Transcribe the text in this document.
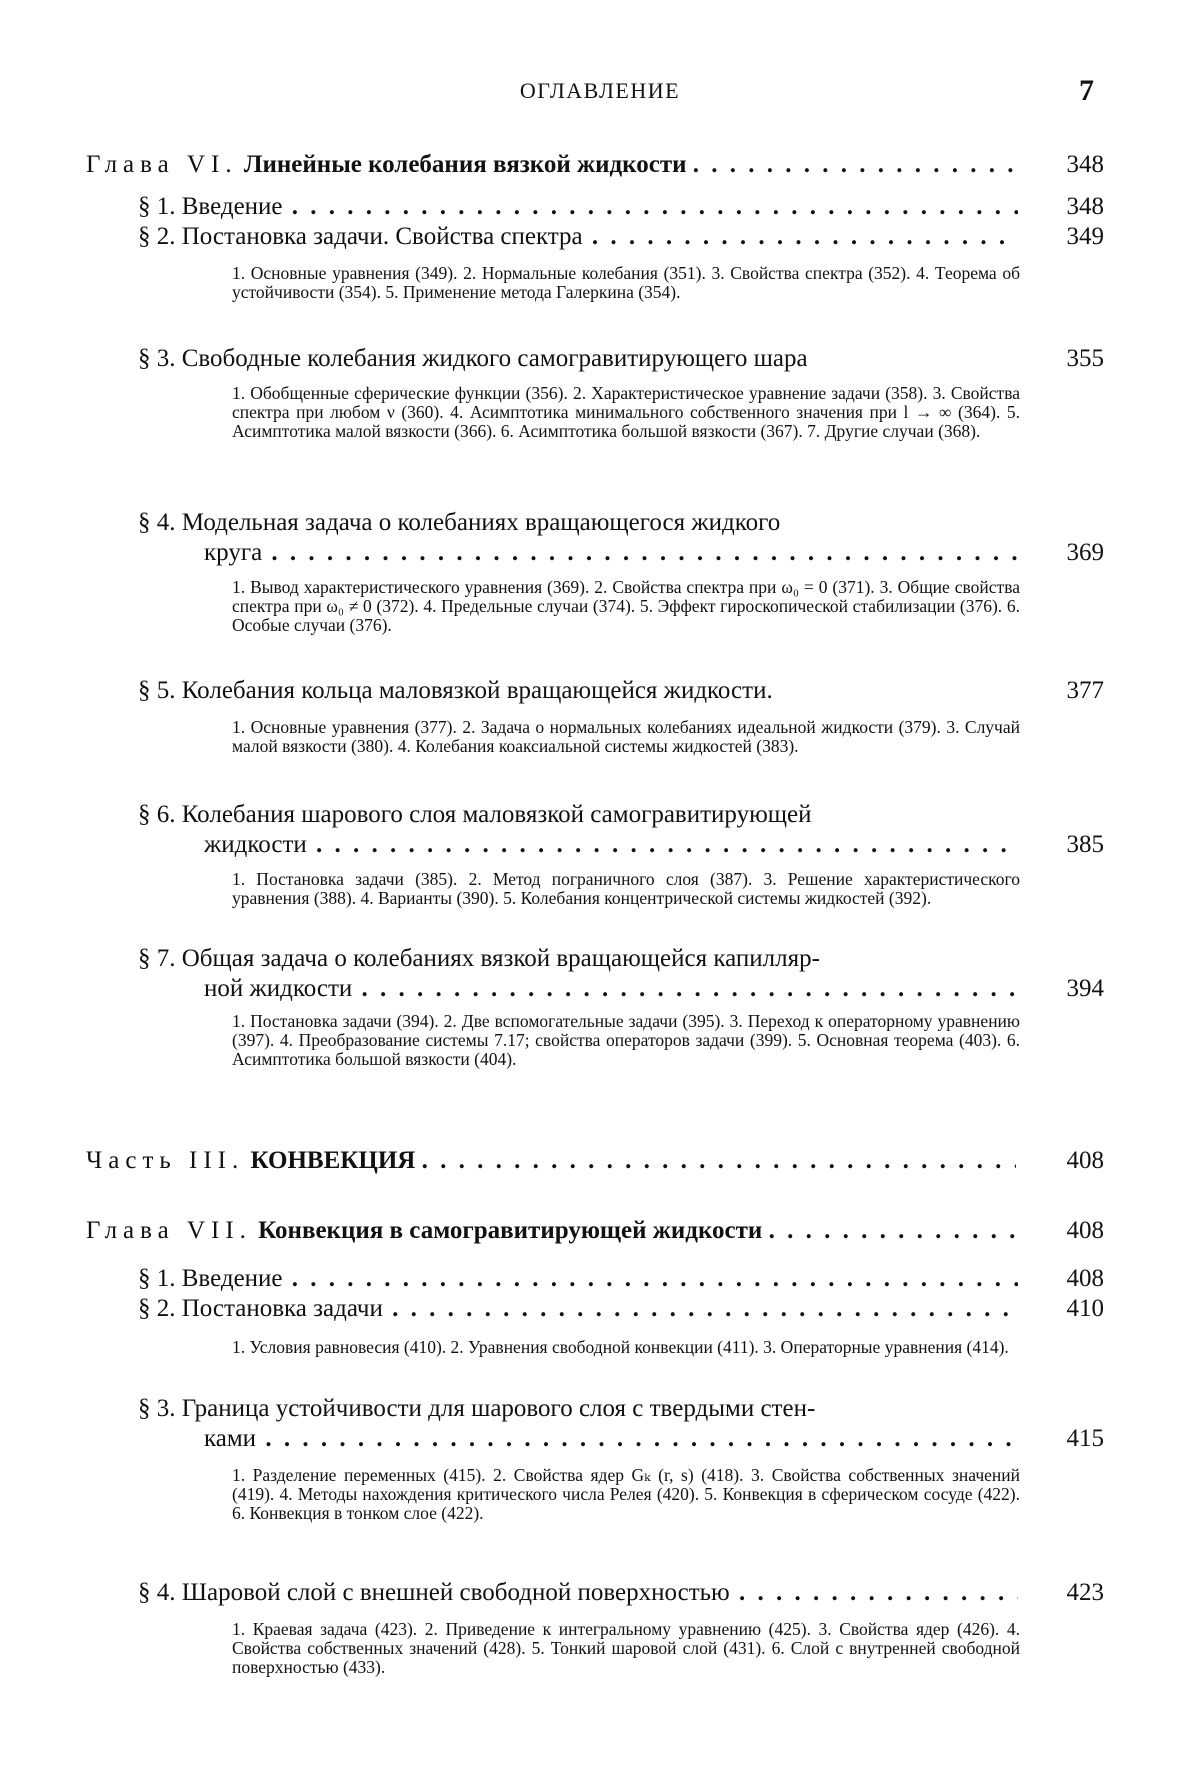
ОГЛАВЛЕНИЕ	7
Глава VI. Линейные колебания вязкой жидкости . . .	348
§ 1. Введение . . .	348
§ 2. Постановка задачи. Свойства спектра . . .	349
1. Основные уравнения (349). 2. Нормальные колебания (351). 3. Свойства спектра (352). 4. Теорема об устойчивости (354). 5. Применение метода Галеркина (354).
§ 3. Свободные колебания жидкого самогравитирующего шара	355
1. Обобщенные сферические функции (356). 2. Характеристическое уравнение задачи (358). 3. Свойства спектра при любом ν (360). 4. Асимптотика минимального собственного значения при l → ∞ (364). 5. Асимптотика малой вязкости (366). 6. Асимптотика большой вязкости (367). 7. Другие случаи (368).
§ 4. Модельная задача о колебаниях вращающегося жидкого
круга . . .	369
1. Вывод характеристического уравнения (369). 2. Свойства спектра при ω₀ = 0 (371). 3. Общие свойства спектра при ω₀ ≠ 0 (372). 4. Предельные случаи (374). 5. Эффект гироскопической стабилизации (376). 6. Особые случаи (376).
§ 5. Колебания кольца маловязкой вращающейся жидкости.	377
1. Основные уравнения (377). 2. Задача о нормальных колебаниях идеальной жидкости (379). 3. Случай малой вязкости (380). 4. Колебания коаксиальной системы жидкостей (383).
§ 6. Колебания шарового слоя маловязкой самогравитирующей
жидкости . . .	385
1. Постановка задачи (385). 2. Метод пограничного слоя (387). 3. Решение характеристического уравнения (388). 4. Варианты (390). 5. Колебания концентрической системы жидкостей (392).
§ 7. Общая задача о колебаниях вязкой вращающейся капилляр-
ной жидкости . . .	394
1. Постановка задачи (394). 2. Две вспомогательные задачи (395). 3. Переход к операторному уравнению (397). 4. Преобразование системы 7.17; свойства операторов задачи (399). 5. Основная теорема (403). 6. Асимптотика большой вязкости (404).
Часть III. КОНВЕКЦИЯ . . .	408
Глава VII. Конвекция в самогравитирующей жидкости . . .	408
§ 1. Введение . . .	408
§ 2. Постановка задачи . . .	410
1. Условия равновесия (410). 2. Уравнения свободной конвекции (411). 3. Операторные уравнения (414).
§ 3. Граница устойчивости для шарового слоя с твердыми стен-
ками . . .	415
1. Разделение переменных (415). 2. Свойства ядер Gₖ (r, s) (418). 3. Свойства собственных значений (419). 4. Методы нахождения критического числа Релея (420). 5. Конвекция в сферическом сосуде (422). 6. Конвекция в тонком слое (422).
§ 4. Шаровой слой с внешней свободной поверхностью . . .	423
1. Краевая задача (423). 2. Приведение к интегральному уравнению (425). 3. Свойства ядер (426). 4. Свойства собственных значений (428). 5. Тонкий шаровой слой (431). 6. Слой с внутренней свободной поверхностью (433).
